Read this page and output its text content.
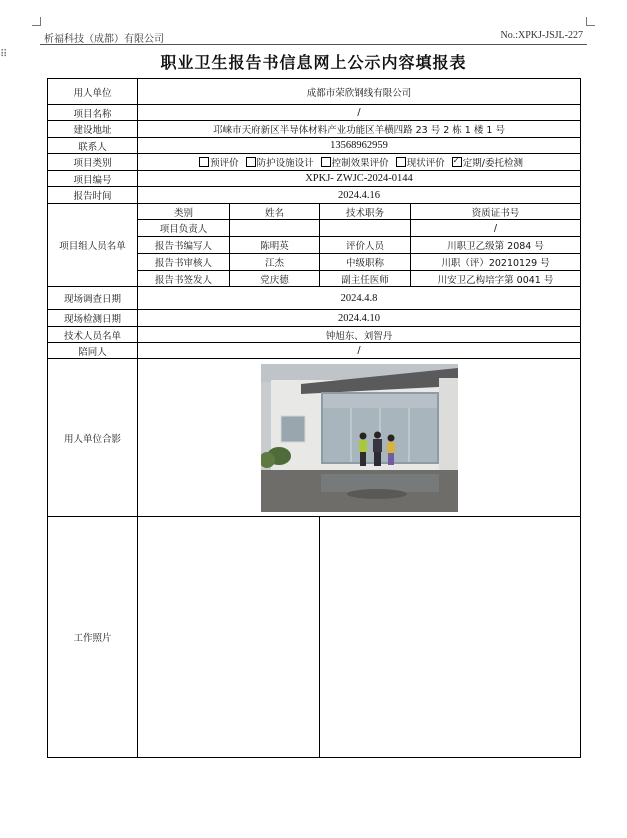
析福科技（成都）有限公司	No.:XPKJ-JSJL-227
⠿	职业卫生报告书信息网上公示内容填报表
用人单位	成都市荣欣钢线有限公司			
项目名称	/			
建设地址	邛崃市天府新区半导体材料产业功能区羊横四路 23 号 2 栋 1 楼 1 号			
联系人	13568962959			
项目类别	预评价 防护设施设计 控制效果评价 现状评价 ✓ 定期/委托检测
项目编号	XPKJ- ZWJC-2024-0144			
报告时间	2024.4.16			
项目组人员名单	类别	姓名	技术职务	资质证书号
	项目负责人			/
	报告书编写人	陈明英	评价人员	川职卫乙级第 2084 号
	报告书审核人	江杰	中级职称	川职（评）20210129 号
	报告书签发人	党庆德	副主任医师	川安卫乙构培字第 0041 号
现场调查日期	2024.4.8			
现场检测日期	2024.4.10			
技术人员名单	钟旭东、刘智丹			
陪同人	/			
用人单位合影	

工作照片				
